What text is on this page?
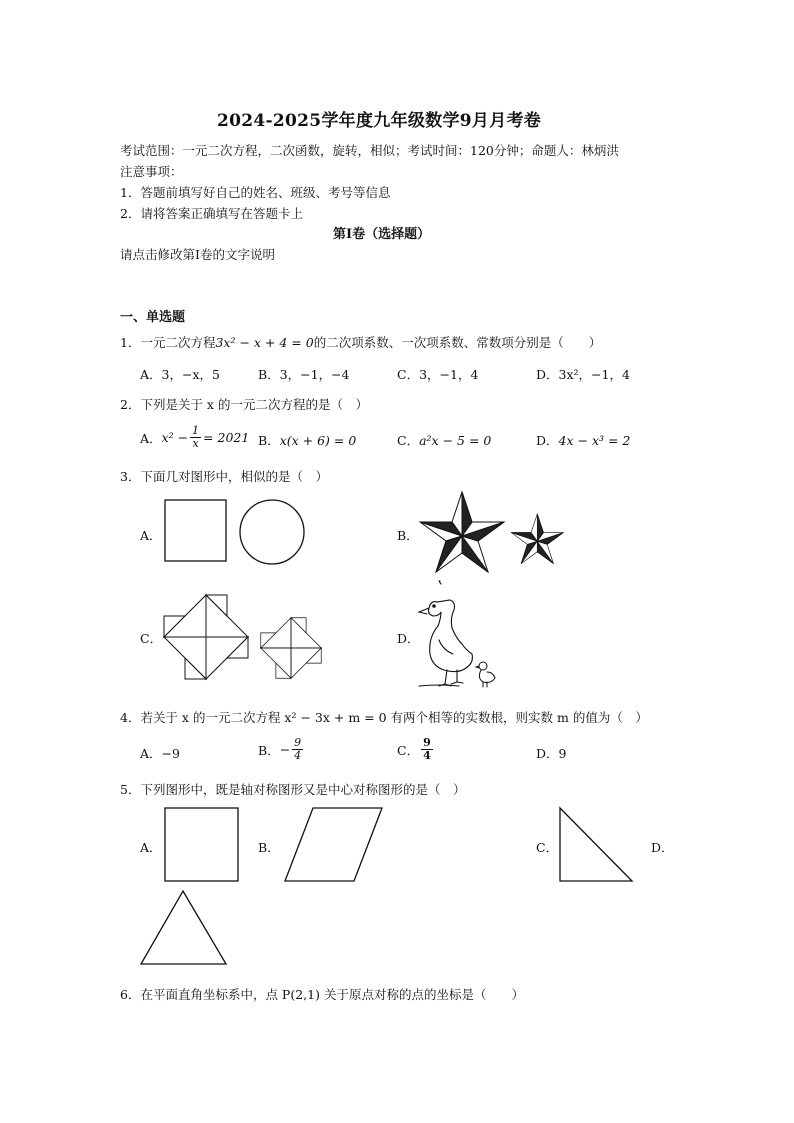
2024-2025学年度九年级数学9月月考卷
考试范围：一元二次方程，二次函数，旋转，相似；考试时间：120分钟；命题人：林炳洪
注意事项：
1．答题前填写好自己的姓名、班级、考号等信息
2．请将答案正确填写在答题卡上
第I卷（选择题）
请点击修改第I卷的文字说明
一、单选题
1．一元二次方程3x² − x + 4 = 0的二次项系数、一次项系数、常数项分别是（　　）
A．3，−x，5	B．3，−1，−4	C．3，−1，4	D．3x²，−1，4
2．下列是关于 x 的一元二次方程的是（　）
A． $x^2 - \frac{1}{x} = 2021$ B．x(x + 6) = 0	C．a²x − 5 = 0	D．4x − x³ = 2
3．下面几对图形中，相似的是（　）
A．	B．
C．	D．
4．若关于 x 的一元二次方程 x² − 3x + m = 0 有两个相等的实数根，则实数 m 的值为（　）
A．−9	B． − $\frac{9}{4}$	C． $\frac{9}{4}$	D．9
5．下列图形中，既是轴对称图形又是中心对称图形的是（　）
A．	B．	C．	D．
6．在平面直角坐标系中，点 P(2,1) 关于原点对称的点的坐标是（　　）
